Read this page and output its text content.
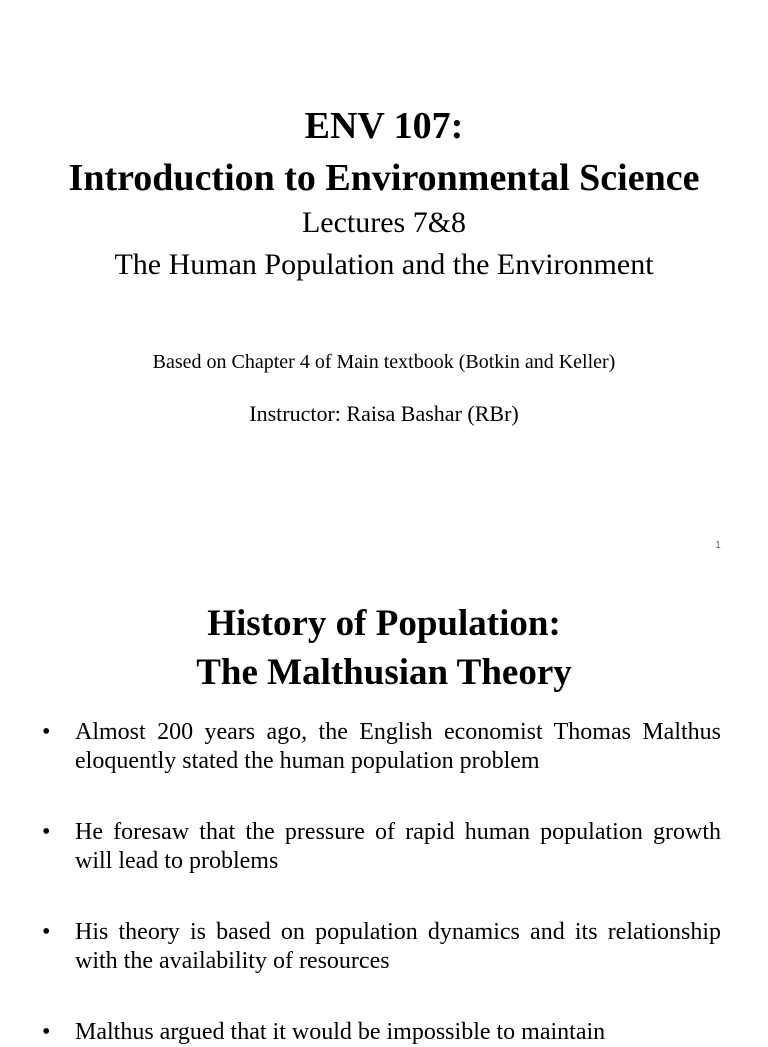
ENV 107:
Introduction to Environmental Science
Lectures 7&8
The Human Population and the Environment
Based on Chapter 4 of Main textbook (Botkin and Keller)
Instructor: Raisa Bashar (RBr)
1
History of Population:
The Malthusian Theory
• Almost 200 years ago, the English economist Thomas Malthus eloquently stated the human population problem
• He foresaw that the pressure of rapid human population growth will lead to problems
• His theory is based on population dynamics and its relationship with the availability of resources
• Malthus argued that it would be impossible to maintain
